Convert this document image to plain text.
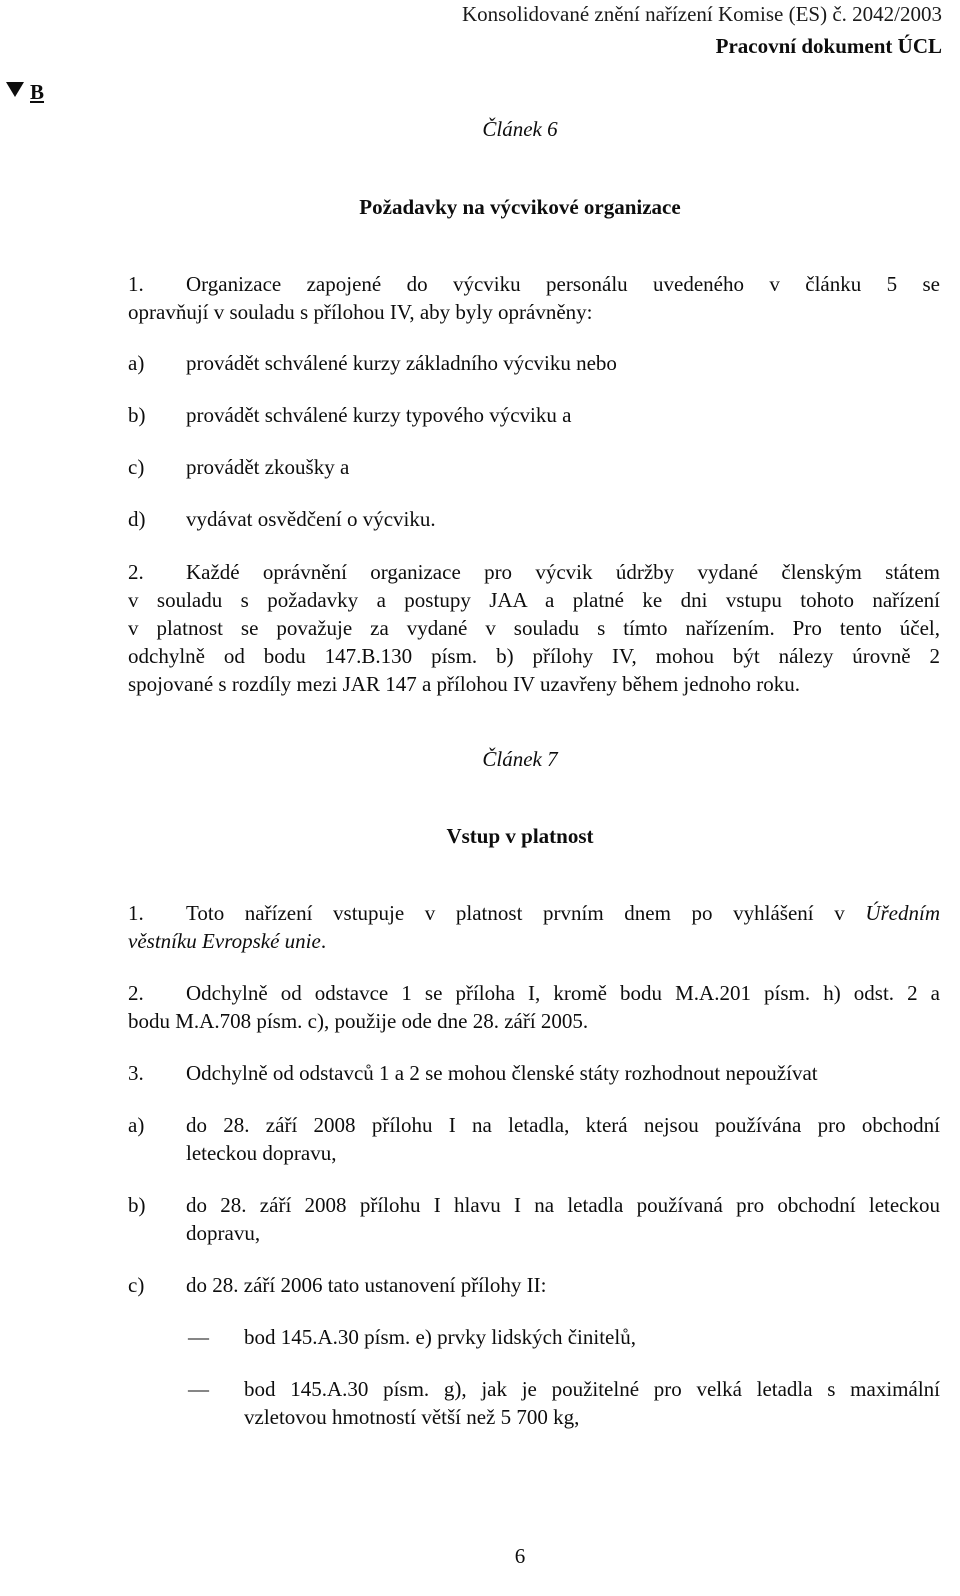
Konsolidované znění nařízení Komise (ES) č. 2042/2003
Pracovní dokument ÚCL
B
Článek 6
Požadavky na výcvikové organizace
1. Organizace zapojené do výcviku personálu uvedeného v článku 5 se
opravňují v souladu s přílohou IV, aby byly oprávněny:
a) provádět schválené kurzy základního výcviku nebo
b) provádět schválené kurzy typového výcviku a
c) provádět zkoušky a
d) vydávat osvědčení o výcviku.
2. Každé oprávnění organizace pro výcvik údržby vydané členským státem
v souladu s požadavky a postupy JAA a platné ke dni vstupu tohoto nařízení
v platnost se považuje za vydané v souladu s tímto nařízením. Pro tento účel,
odchylně od bodu 147.B.130 písm. b) přílohy IV, mohou být nálezy úrovně 2
spojované s rozdíly mezi JAR 147 a přílohou IV uzavřeny během jednoho roku.
Článek 7
Vstup v platnost
1. Toto nařízení vstupuje v platnost prvním dnem po vyhlášení v Úředním
věstníku Evropské unie.
2. Odchylně od odstavce 1 se příloha I, kromě bodu M.A.201 písm. h) odst. 2 a
bodu M.A.708 písm. c), použije ode dne 28. září 2005.
3. Odchylně od odstavců 1 a 2 se mohou členské státy rozhodnout nepoužívat
a) do 28. září 2008 přílohu I na letadla, která nejsou používána pro obchodní
leteckou dopravu,
b) do 28. září 2008 přílohu I hlavu I na letadla používaná pro obchodní leteckou
dopravu,
c) do 28. září 2006 tato ustanovení přílohy II:
— bod 145.A.30 písm. e) prvky lidských činitelů,
— bod 145.A.30 písm. g), jak je použitelné pro velká letadla s maximální
vzletovou hmotností větší než 5 700 kg,
6
